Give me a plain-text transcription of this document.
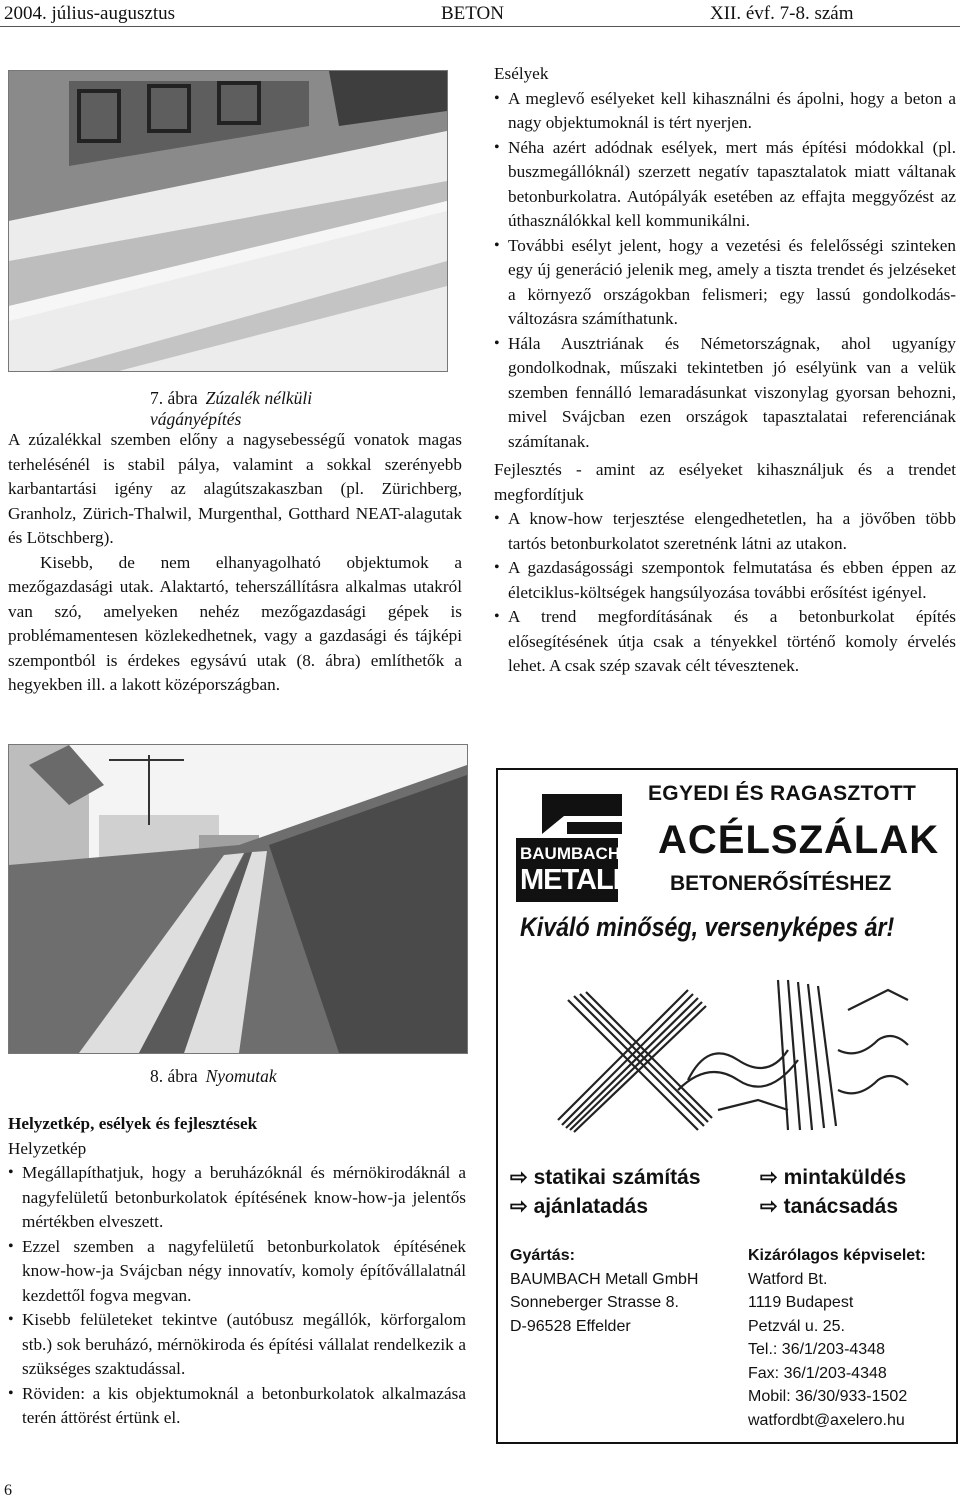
2004. július-augusztus	BETON	XII. évf. 7-8. szám
7. ábra Zúzalék nélküli vágányépítés

A zúzalékkal szemben előny a nagysebességű vonatok magas terhelésénél is stabil pálya, valamint a sokkal szerényebb karbantartási igény az alagútszakaszban (pl. Zürichberg, Granholz, Zürich-Thalwil, Murgenthal, Gotthard NEAT-alagutak és Lötschberg).

Kisebb, de nem elhanyagolható objektumok a mezőgazdasági utak. Alaktartó, teherszállításra alkalmas utakról van szó, amelyeken nehéz mezőgazdasági gépek is problémamentesen közlekedhetnek, vagy a gazdasági és tájképi szempontból is érdekes egysávú utak (8. ábra) említhetők a hegyekben ill. a lakott középországban.

8. ábra Nyomutak

Helyzetkép, esélyek és fejlesztések

Helyzetkép

• Megállapíthatjuk, hogy a beruházóknál és mérnökirodáknál a nagyfelületű betonburkolatok építésének know-how-ja jelentős mértékben elveszett.
• Ezzel szemben a nagyfelületű betonburkolatok építésének know-how-ja Svájcban négy innovatív, komoly építővállalatnál kezdettől fogva megvan.
• Kisebb felületeket tekintve (autóbusz megállók, körforgalom stb.) sok beruházó, mérnökiroda és építési vállalat rendelkezik a szükséges szaktudással.
• Röviden: a kis objektumoknál a betonburkolatok alkalmazása terén áttörést értünk el.

Esélyek

• A meglevő esélyeket kell kihasználni és ápolni, hogy a beton a nagy objektumoknál is tért nyerjen.
• Néha azért adódnak esélyek, mert más építési módokkal (pl. buszmegállóknál) szerzett negatív tapasztalatok miatt váltanak betonburkolatra. Autópályák esetében az effajta meggyőzést az úthasználókkal kell kommunikálni.
• További esélyt jelent, hogy a vezetési és felelősségi szinteken egy új generáció jelenik meg, amely a tiszta trendet és jelzéseket a környező országokban felismeri; egy lassú gondolkodás-változásra számíthatunk.
• Hála Ausztriának és Németországnak, ahol ugyanígy gondolkodnak, műszaki tekintetben jó esélyünk van a velük szemben fennálló lemaradásunkat viszonylag gyorsan behozni, mivel Svájcban ezen országok tapasztalatai referenciának számítanak.

Fejlesztés - amint az esélyeket kihasználjuk és a trendet megfordítjuk

• A know-how terjesztése elengedhetetlen, ha a jövőben több tartós betonburkolatot szeretnénk látni az utakon.
• A gazdaságossági szempontok felmutatása és ebben éppen az életciklus-költségek hangsúlyozása további erősítést igényel.
• A trend megfordításának és a betonburkolat építés elősegítésének útja csak a tényekkel történő komoly érvelés lehet. A csak szép szavak célt tévesztenek.
BAUMBACH
METALL
EGYEDI ÉS RAGASZTOTT
ACÉLSZÁLAK
BETONERŐSÍTÉSHEZ
Kiváló minőség, versenyképes ár!
⇨ statikai számítás	⇨ mintaküldés
⇨ ajánlatadás	⇨ tanácsadás
Gyártás:
BAUMBACH Metall GmbH
Sonneberger Strasse 8.
D-96528 Effelder
Kizárólagos képviselet:
Watford Bt.
1119 Budapest
Petzvál u. 25.
Tel.: 36/1/203-4348
Fax: 36/1/203-4348
Mobil: 36/30/933-1502
watfordbt@axelero.hu
6
